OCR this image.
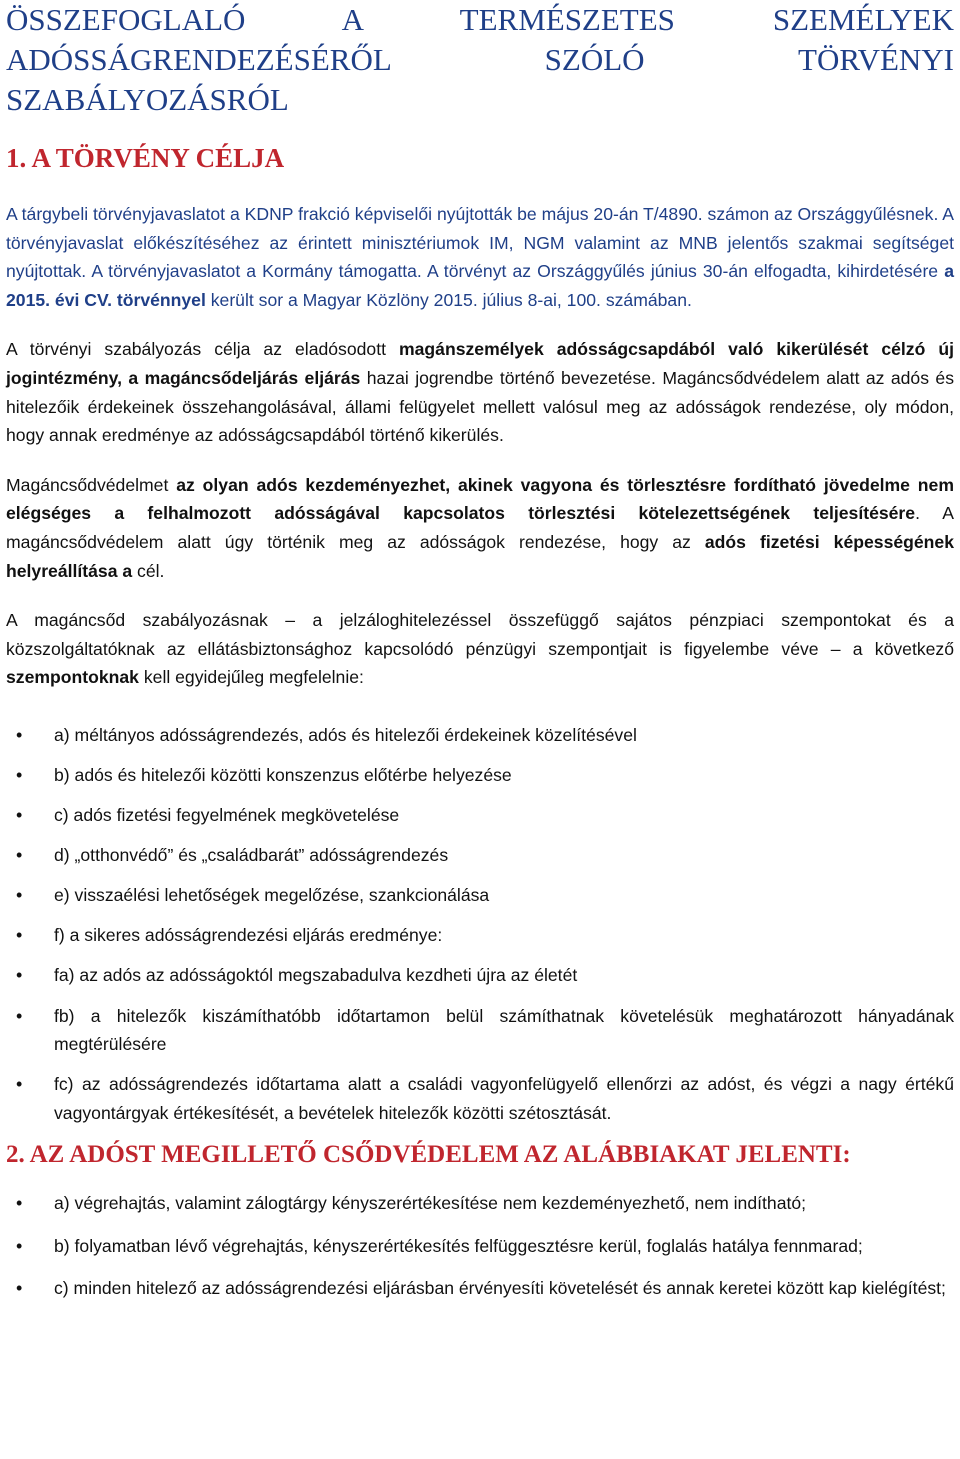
ÖSSZEFOGLALÓ A TERMÉSZETES SZEMÉLYEK
ADÓSSÁGRENDEZÉSÉRŐL SZÓLÓ TÖRVÉNYI
SZABÁLYOZÁSRÓL
1. A TÖRVÉNY CÉLJA

A tárgybeli törvényjavaslatot a KDNP frakció képviselői nyújtották be május 20-án T/4890. számon az Országgyűlésnek. A törvényjavaslat előkészítéséhez az érintett minisztériumok IM, NGM valamint az MNB jelentős szakmai segítséget nyújtottak. A törvényjavaslatot a Kormány támogatta. A törvényt az Országgyűlés június 30-án elfogadta, kihirdetésére a 2015. évi CV. törvénnyel került sor a Magyar Közlöny 2015. július 8-ai, 100. számában.

A törvényi szabályozás célja az eladósodott magánszemélyek adósságcsapdából való kikerülését célzó új jogintézmény, a magáncsődeljárás eljárás hazai jogrendbe történő bevezetése. Magáncsődvédelem alatt az adós és hitelezőik érdekeinek összehangolásával, állami felügyelet mellett valósul meg az adósságok rendezése, oly módon, hogy annak eredménye az adósságcsapdából történő kikerülés.

Magáncsődvédelmet az olyan adós kezdeményezhet, akinek vagyona és törlesztésre fordítható jövedelme nem elégséges a felhalmozott adósságával kapcsolatos törlesztési kötelezettségének teljesítésére. A magáncsődvédelem alatt úgy történik meg az adósságok rendezése, hogy az adós fizetési képességének helyreállítása a cél.

A magáncsőd szabályozásnak – a jelzáloghitelezéssel összefüggő sajátos pénzpiaci szempontokat és a közszolgáltatóknak az ellátásbiztonsághoz kapcsolódó pénzügyi szempontjait is figyelembe véve – a következő szempontoknak kell egyidejűleg megfelelnie:

• a) méltányos adósságrendezés, adós és hitelezői érdekeinek közelítésével
• b) adós és hitelezői közötti konszenzus előtérbe helyezése
• c) adós fizetési fegyelmének megkövetelése
• d) „otthonvédő” és „családbarát” adósságrendezés
• e) visszaélési lehetőségek megelőzése, szankcionálása
• f) a sikeres adósságrendezési eljárás eredménye:
• fa) az adós az adósságoktól megszabadulva kezdheti újra az életét
• fb) a hitelezők kiszámíthatóbb időtartamon belül számíthatnak követelésük meghatározott hányadának megtérülésére
• fc) az adósságrendezés időtartama alatt a családi vagyonfelügyelő ellenőrzi az adóst, és végzi a nagy értékű vagyontárgyak értékesítését, a bevételek hitelezők közötti szétosztását.
2. AZ ADÓST MEGILLETŐ CSŐDVÉDELEM AZ ALÁBBIAKAT JELENTI:
• a) végrehajtás, valamint zálogtárgy kényszerértékesítése nem kezdeményezhető, nem indítható;
• b) folyamatban lévő végrehajtás, kényszerértékesítés felfüggesztésre kerül, foglalás hatálya fennmarad;
• c) minden hitelező az adósságrendezési eljárásban érvényesíti követelését és annak keretei között kap kielégítést;
